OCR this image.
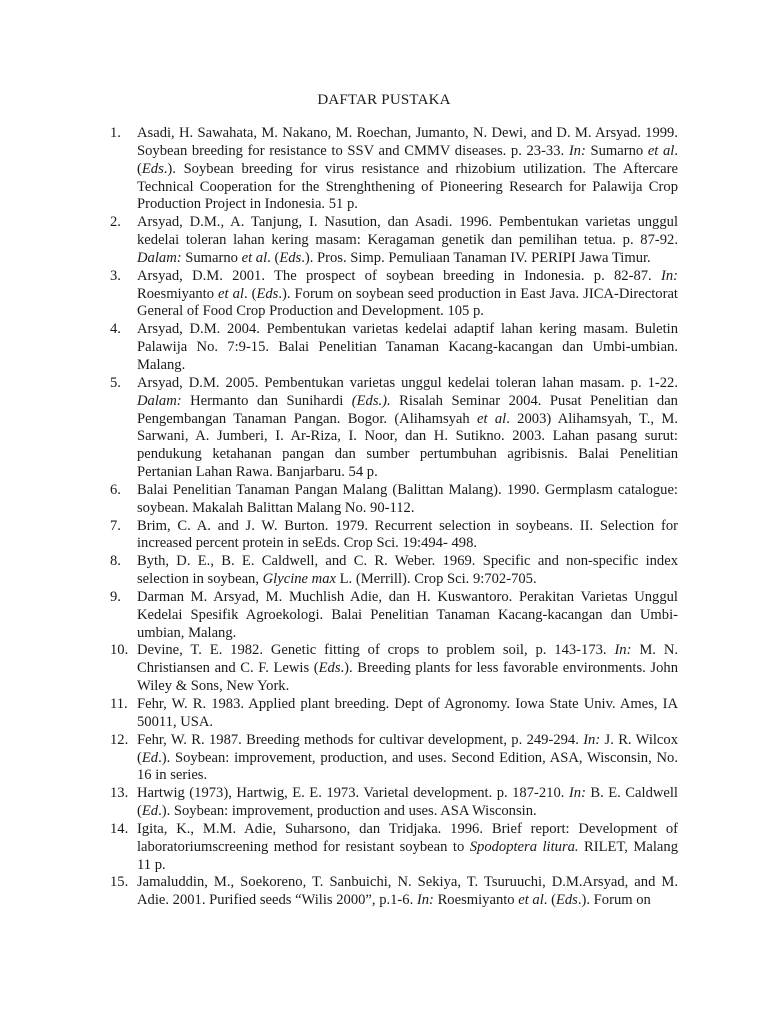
DAFTAR PUSTAKA
1. Asadi, H. Sawahata, M. Nakano, M. Roechan, Jumanto, N. Dewi, and D. M. Arsyad. 1999. Soybean breeding for resistance to SSV and CMMV diseases. p. 23-33. In: Sumarno et al. (Eds.). Soybean breeding for virus resistance and rhizobium utilization. The Aftercare Technical Cooperation for the Strenghthening of Pioneering Research for Palawija Crop Production Project in Indonesia. 51 p.
2. Arsyad, D.M., A. Tanjung, I. Nasution, dan Asadi. 1996. Pembentukan varietas unggul kedelai toleran lahan kering masam: Keragaman genetik dan pemilihan tetua. p. 87-92. Dalam: Sumarno et al. (Eds.). Pros. Simp. Pemuliaan Tanaman IV. PERIPI Jawa Timur.
3. Arsyad, D.M. 2001. The prospect of soybean breeding in Indonesia. p. 82-87. In: Roesmiyanto et al. (Eds.). Forum on soybean seed production in East Java. JICA-Directorat General of Food Crop Production and Development. 105 p.
4. Arsyad, D.M. 2004. Pembentukan varietas kedelai adaptif lahan kering masam. Buletin Palawija No. 7:9-15. Balai Penelitian Tanaman Kacang-kacangan dan Umbi-umbian. Malang.
5. Arsyad, D.M. 2005. Pembentukan varietas unggul kedelai toleran lahan masam. p. 1-22. Dalam: Hermanto dan Sunihardi (Eds.). Risalah Seminar 2004. Pusat Penelitian dan Pengembangan Tanaman Pangan. Bogor. (Alihamsyah et al. 2003) Alihamsyah, T., M. Sarwani, A. Jumberi, I. Ar-Riza, I. Noor, dan H. Sutikno. 2003. Lahan pasang surut: pendukung ketahanan pangan dan sumber pertumbuhan agribisnis. Balai Penelitian Pertanian Lahan Rawa. Banjarbaru. 54 p.
6. Balai Penelitian Tanaman Pangan Malang (Balittan Malang). 1990. Germplasm catalogue: soybean. Makalah Balittan Malang No. 90-112.
7. Brim, C. A. and J. W. Burton. 1979. Recurrent selection in soybeans. II. Selection for increased percent protein in seEds. Crop Sci. 19:494- 498.
8. Byth, D. E., B. E. Caldwell, and C. R. Weber. 1969. Specific and non-specific index selection in soybean, Glycine max L. (Merrill). Crop Sci. 9:702-705.
9. Darman M. Arsyad, M. Muchlish Adie, dan H. Kuswantoro. Perakitan Varietas Unggul Kedelai Spesifik Agroekologi. Balai Penelitian Tanaman Kacang-kacangan dan Umbi-umbian, Malang.
10. Devine, T. E. 1982. Genetic fitting of crops to problem soil, p. 143-173. In: M. N. Christiansen and C. F. Lewis (Eds.). Breeding plants for less favorable environments. John Wiley & Sons, New York.
11. Fehr, W. R. 1983. Applied plant breeding. Dept of Agronomy. Iowa State Univ. Ames, IA 50011, USA.
12. Fehr, W. R. 1987. Breeding methods for cultivar development, p. 249-294. In: J. R. Wilcox (Ed.). Soybean: improvement, production, and uses. Second Edition, ASA, Wisconsin, No. 16 in series.
13. Hartwig (1973), Hartwig, E. E. 1973. Varietal development. p. 187-210. In: B. E. Caldwell (Ed.). Soybean: improvement, production and uses. ASA Wisconsin.
14. Igita, K., M.M. Adie, Suharsono, dan Tridjaka. 1996. Brief report: Development of laboratoriumscreening method for resistant soybean to Spodoptera litura. RILET, Malang 11 p.
15. Jamaluddin, M., Soekoreno, T. Sanbuichi, N. Sekiya, T. Tsuruuchi, D.M.Arsyad, and M. Adie. 2001. Purified seeds “Wilis 2000”, p.1-6. In: Roesmiyanto et al. (Eds.). Forum on
